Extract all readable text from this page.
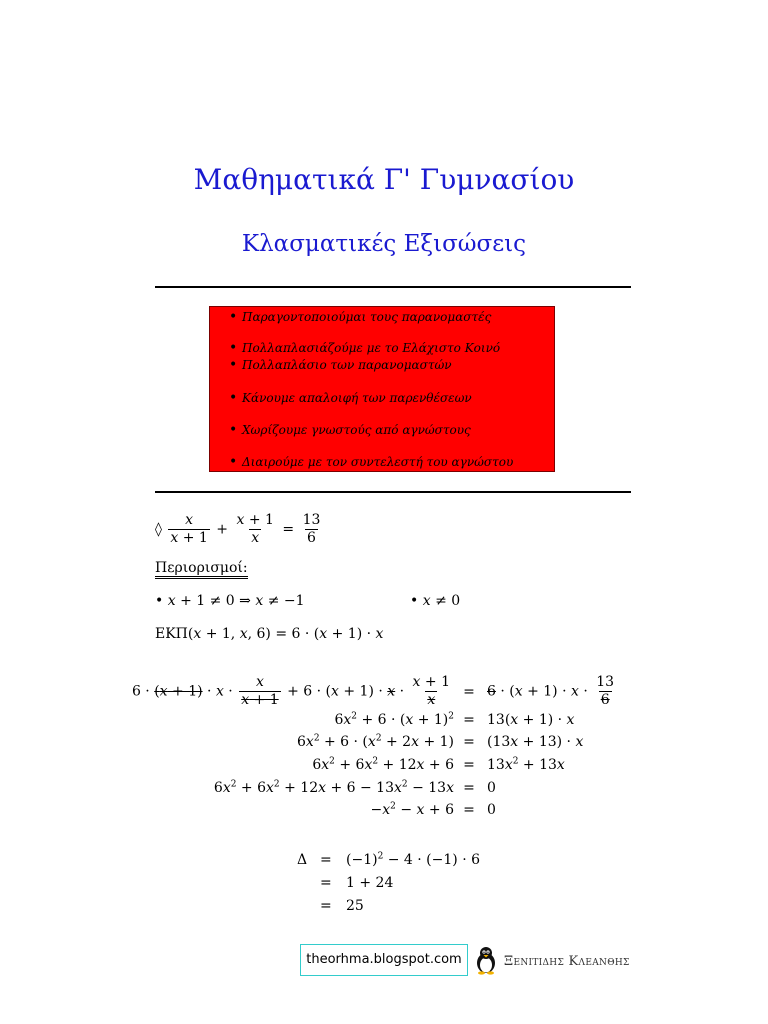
Μαθηματικά Γ' Γυμνασίου
Κλασματικές Εξισώσεις
• Παραγοντοποιούμαι τους παρανομαστές
• Πολλαπλασιάζούμε με το Ελάχιστο Κοινό
• Πολλαπλάσιο των παρανομαστών
• Κάνουμε απαλοιφή των παρενθέσεων
• Χωρίζουμε γνωστούς από αγνώστους
• Διαιρούμε με τον συντελεστή του αγνώστου
◊ $\frac{x}{x + 1} + \frac{x + 1}{x} = \frac{13}{6}$
Περιορισμοί:
• x + 1 ≠ 0 ⇒ x ≠ −1	• x ≠ 0
ΕΚΠ(x + 1, x, 6) = 6 · (x + 1) · x
$6 \cdot (x + 1) \cdot x \cdot \frac{x}{x + 1} + 6 \cdot (x + 1) \cdot x \cdot \frac{x + 1}{x} = 6 \cdot (x + 1) \cdot x \cdot \frac{13}{6}$
$6x^2 + 6 \cdot (x + 1)^2 = 13(x + 1) \cdot x$
$6x^2 + 6 \cdot (x^2 + 2x + 1) = (13x + 13) \cdot x$
$6x^2 + 6x^2 + 12x + 6 = 13x^2 + 13x$
$6x^2 + 6x^2 + 12x + 6 - 13x^2 - 13x = 0$
$-x^2 - x + 6 = 0$
$\Delta = (-1)^2 - 4 \cdot (-1) \cdot 6$
= 1 + 24
= 25
theorhma.blogspot.com	Ξενιτιδης Κλεανθης
